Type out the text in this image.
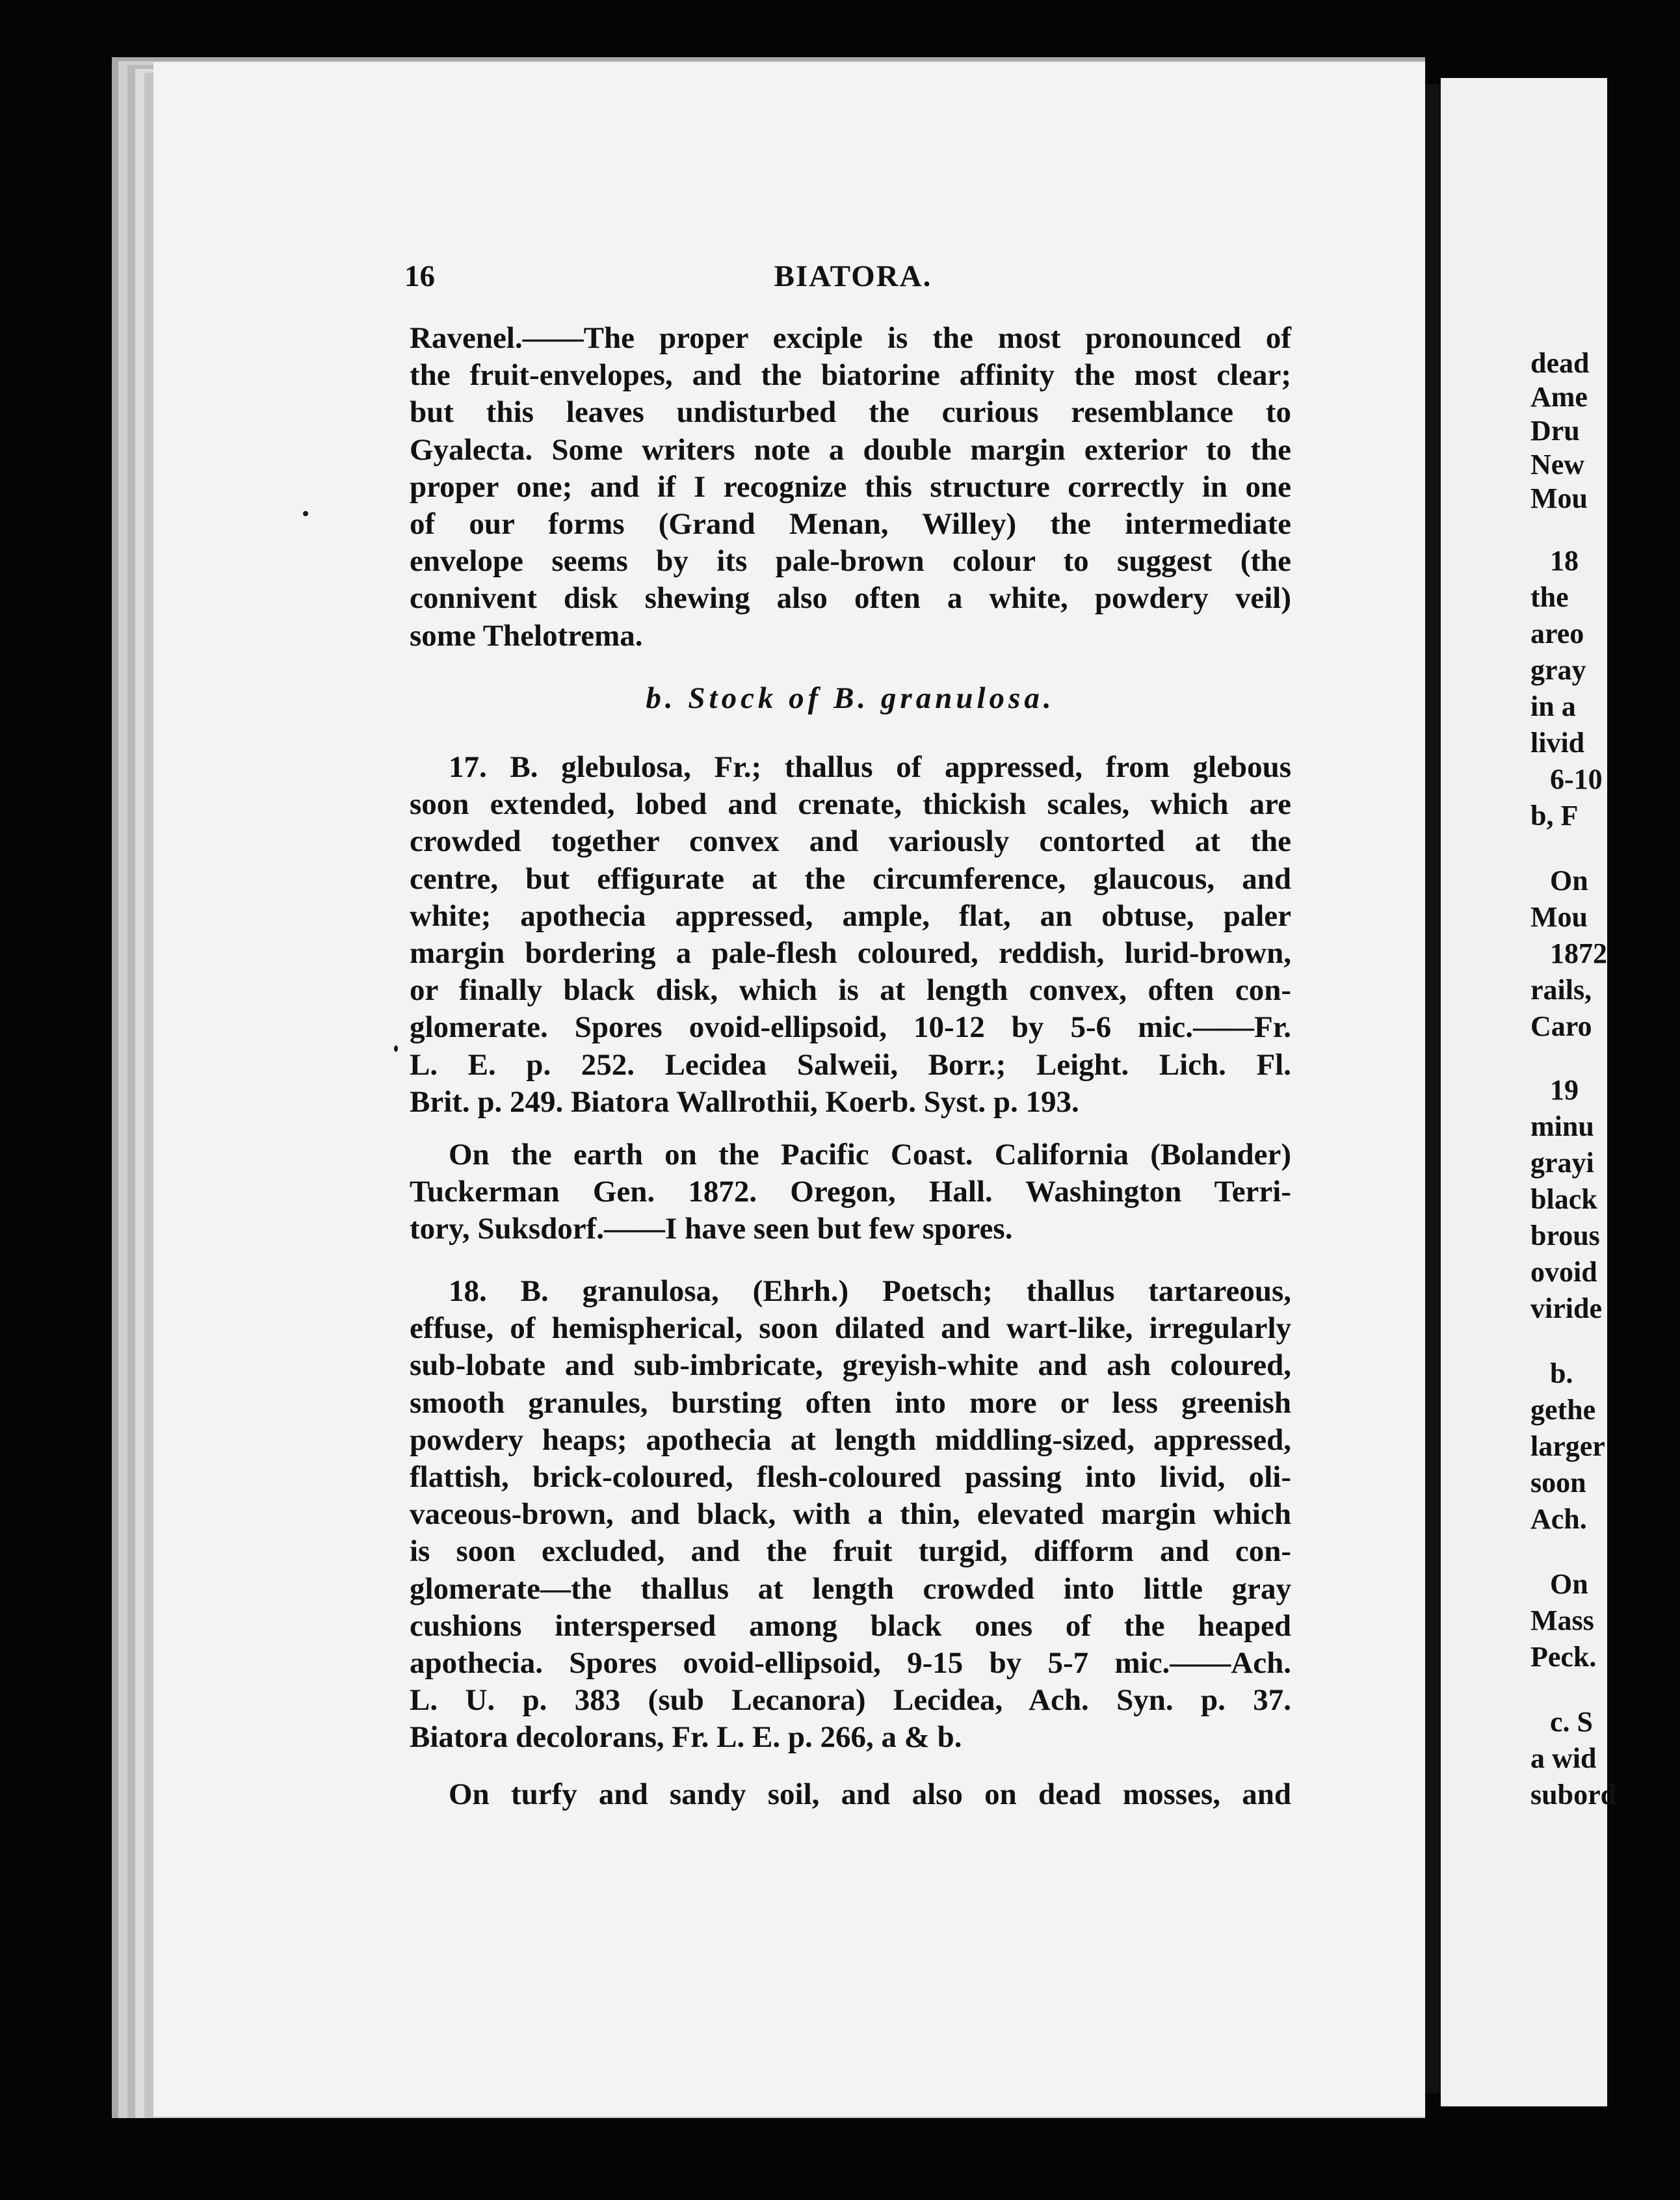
16	BIATORA.
Ravenel.——The proper exciple is the most pronounced of
the fruit-envelopes, and the biatorine affinity the most clear;
but this leaves undisturbed the curious resemblance to
Gyalecta. Some writers note a double margin exterior to the
proper one; and if I recognize this structure correctly in one
of our forms (Grand Menan, Willey) the intermediate
envelope seems by its pale-brown colour to suggest (the
connivent disk shewing also often a white, powdery veil)
some Thelotrema.
17. B. glebulosa, Fr.; thallus of appressed, from glebous
soon extended, lobed and crenate, thickish scales, which are
crowded together convex and variously contorted at the
centre, but effigurate at the circumference, glaucous, and
white; apothecia appressed, ample, flat, an obtuse, paler
margin bordering a pale-flesh coloured, reddish, lurid-brown,
or finally black disk, which is at length convex, often con-
glomerate. Spores ovoid-ellipsoid, 10-12 by 5-6 mic.——Fr.
L. E. p. 252. Lecidea Salweii, Borr.; Leight. Lich. Fl.
Brit. p. 249. Biatora Wallrothii, Koerb. Syst. p. 193.
On the earth on the Pacific Coast. California (Bolander)
Tuckerman Gen. 1872. Oregon, Hall. Washington Terri-
tory, Suksdorf.——I have seen but few spores.
18. B. granulosa, (Ehrh.) Poetsch; thallus tartareous,
effuse, of hemispherical, soon dilated and wart-like, irregularly
sub-lobate and sub-imbricate, greyish-white and ash coloured,
smooth granules, bursting often into more or less greenish
powdery heaps; apothecia at length middling-sized, appressed,
flattish, brick-coloured, flesh-coloured passing into livid, oli-
vaceous-brown, and black, with a thin, elevated margin which
is soon excluded, and the fruit turgid, difform and con-
glomerate—the thallus at length crowded into little gray
cushions interspersed among black ones of the heaped
apothecia. Spores ovoid-ellipsoid, 9-15 by 5-7 mic.——Ach.
L. U. p. 383 (sub Lecanora) Lecidea, Ach. Syn. p. 37.
Biatora decolorans, Fr. L. E. p. 266, a & b.
On turfy and sandy soil, and also on dead mosses, and
b. Stock of B. granulosa.
dead
Ame
Dru
New
Mou
18
the
areo
gray
in a
livid
6-10
b, F
On
Mou
1872
rails,
Caro
19
minu
grayi
black
brous
ovoid
viride
b.
gethe
larger
soon
Ach.
On
Mass
Peck.
c. S
a wid
subord
